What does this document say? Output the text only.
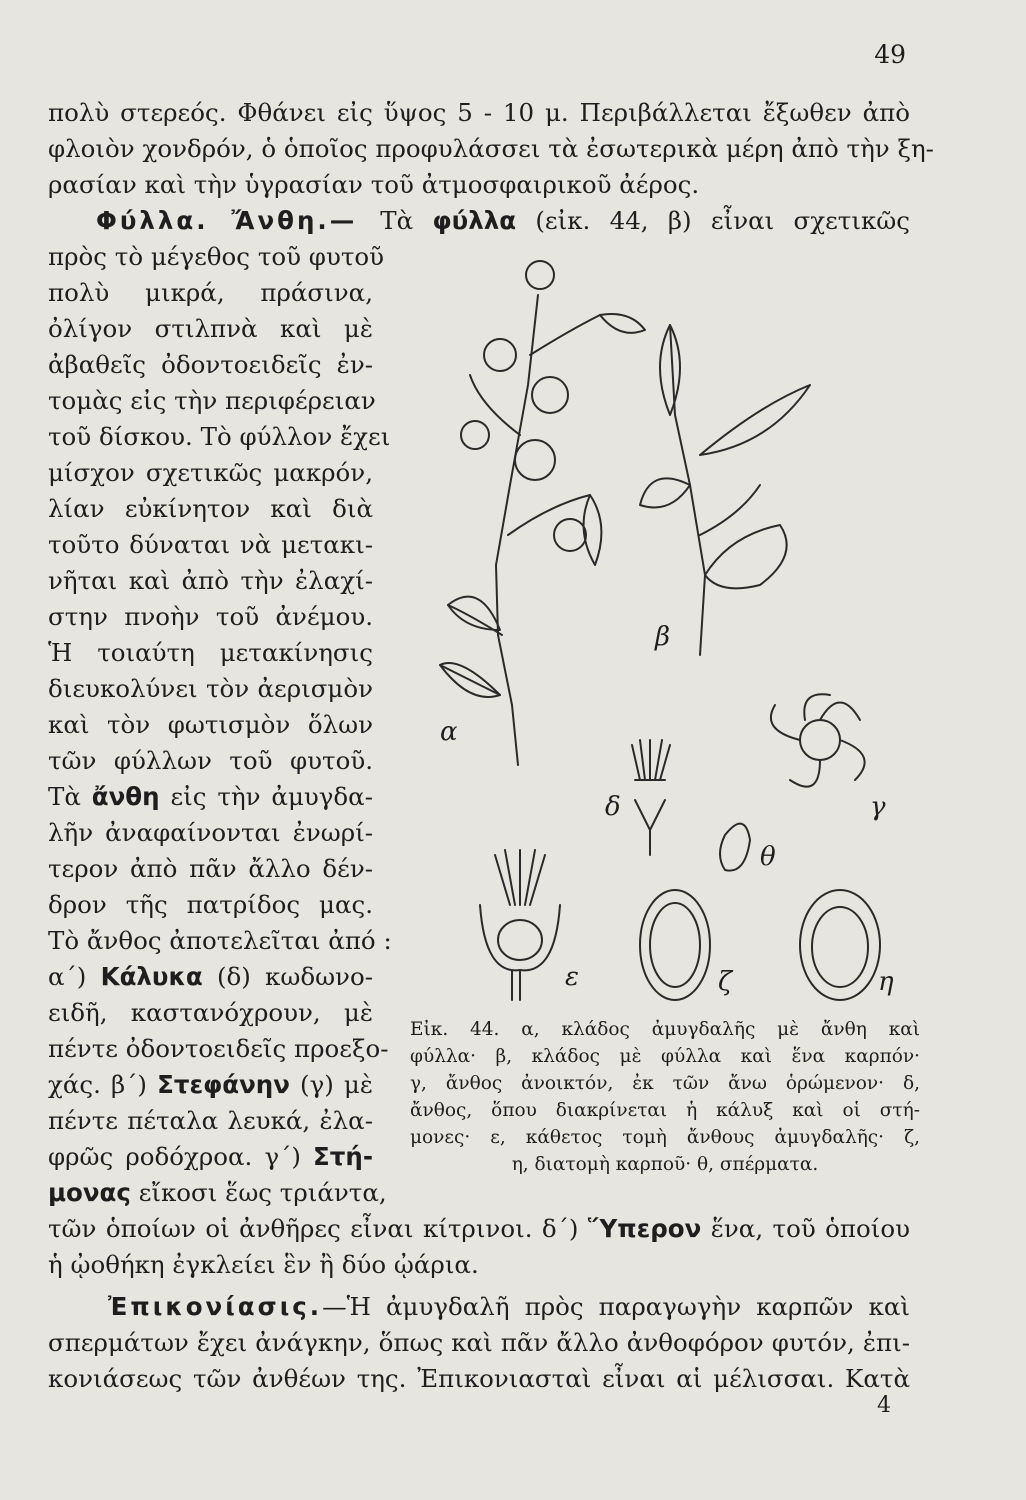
49
πολὺ στερεός. Φθάνει εἰς ὕψος 5 - 10 μ. Περιβάλλεται ἔξωθεν ἀπὸ
φλοιὸν χονδρόν, ὁ ὁποῖος προφυλάσσει τὰ ἐσωτερικὰ μέρη ἀπὸ τὴν ξη-
ρασίαν καὶ τὴν ὑγρασίαν τοῦ ἀτμοσφαιρικοῦ ἀέρος.
Φύλλα. Ἄνθη.— Τὰ φύλλα (εἰκ. 44, β) εἶναι σχετικῶς
πρὸς τὸ μέγεθος τοῦ φυτοῦ
πολὺ μικρά, πράσινα,
ὀλίγον στιλπνὰ καὶ μὲ
ἀβαθεῖς ὀδοντοειδεῖς ἐν-
τομὰς εἰς τὴν περιφέρειαν
τοῦ δίσκου. Τὸ φύλλον ἔχει
μίσχον σχετικῶς μακρόν,
λίαν εὐκίνητον καὶ διὰ
τοῦτο δύναται νὰ μετακι-
νῆται καὶ ἀπὸ τὴν ἐλαχί-
στην πνοὴν τοῦ ἀνέμου.
Ἡ τοιαύτη μετακίνησις
διευκολύνει τὸν ἀερισμὸν
καὶ τὸν φωτισμὸν ὅλων
τῶν φύλλων τοῦ φυτοῦ.
Τὰ ἄνθη εἰς τὴν ἀμυγδα-
λῆν ἀναφαίνονται ἐνωρί-
τερον ἀπὸ πᾶν ἄλλο δέν-
δρον τῆς πατρίδος μας.
Τὸ ἄνθος ἀποτελεῖται ἀπό :
α΄) Κάλυκα (δ) κωδωνο-
ειδῆ, καστανόχρουν, μὲ
πέντε ὀδοντοειδεῖς προεξο-
χάς. β΄) Στεφάνην (γ) μὲ
πέντε πέταλα λευκά, ἐλα-
φρῶς ροδόχροα. γ΄) Στή-
μονας εἴκοσι ἕως τριάντα,
τῶν ὁποίων οἱ ἀνθῆρες εἶναι κίτρινοι. δ΄) Ὕπερον ἕνα, τοῦ ὁποίου
ἡ ᾠοθήκη ἐγκλείει ἓν ἢ δύο ᾠάρια.
Ἐπικονίασις.—Ἡ ἀμυγδαλῆ πρὸς παραγωγὴν καρπῶν καὶ
σπερμάτων ἔχει ἀνάγκην, ὅπως καὶ πᾶν ἄλλο ἀνθοφόρον φυτόν, ἐπι-
κονιάσεως τῶν ἀνθέων της. Ἐπικονιασταὶ εἶναι αἱ μέλισσαι. Κατὰ
α
β
γ
δ
ε	ζ	η
θ
Εἰκ. 44. α, κλάδος ἀμυγδαλῆς μὲ ἄνθη καὶ
φύλλα· β, κλάδος μὲ φύλλα καὶ ἕνα καρπόν·
γ, ἄνθος ἀνοικτόν, ἐκ τῶν ἄνω ὁρώμενον· δ,
ἄνθος, ὅπου διακρίνεται ἡ κάλυξ καὶ οἱ στή-
μονες· ε, κάθετος τομὴ ἄνθους ἀμυγδαλῆς· ζ,
η, διατομὴ καρποῦ· θ, σπέρματα.
4
